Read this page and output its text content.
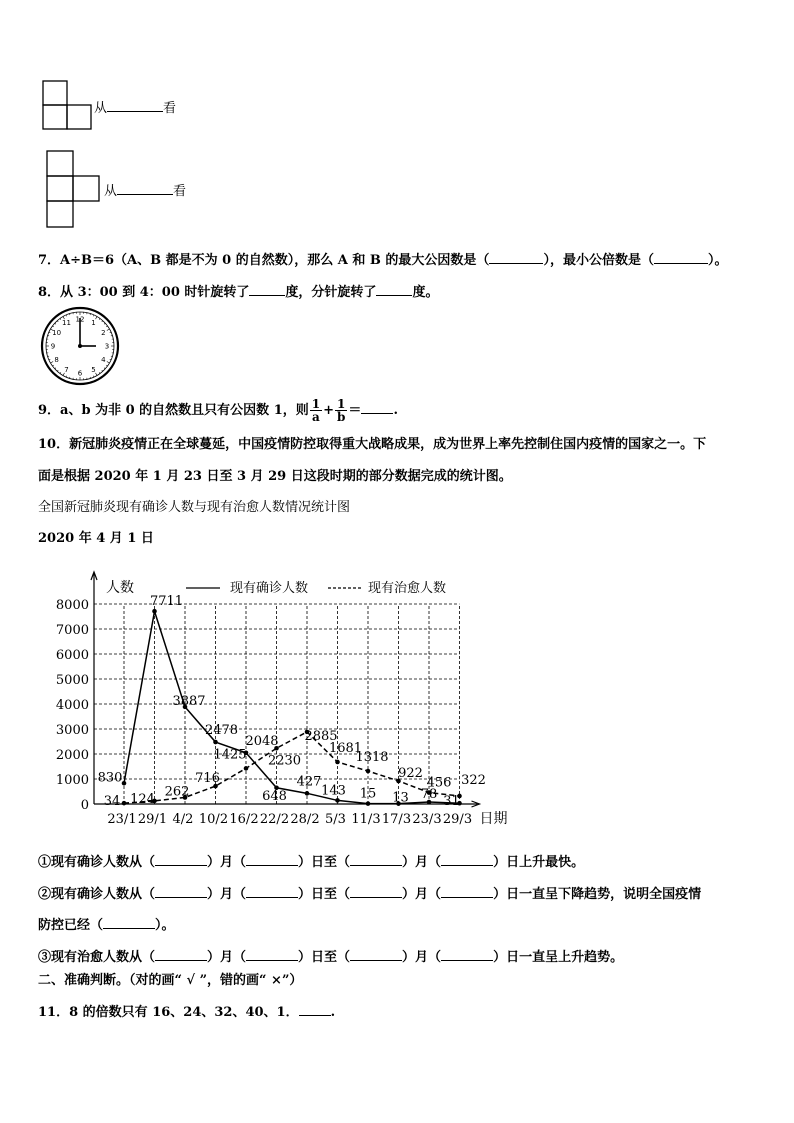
从	看
从	看
7．A÷B＝6（A、B 都是不为 0 的自然数），那么 A 和 B 的最大公因数是（	），最小公倍数是（	）。
8．从 3：00 到 4：00 时针旋转了	度，分针旋转了	度。
12 1
2
3
4
5
6
7
8
9
10
11
9．a、b 为非 0 的自然数且只有公因数 1，则 $\frac{1}{a} + \frac{1}{b}$ ＝ .
10．新冠肺炎疫情正在全球蔓延，中国疫情防控取得重大战略成果，成为世界上率先控制住国内疫情的国家之一。下
面是根据 2020 年 1 月 23 日至 3 月 29 日这段时期的部分数据完成的统计图。
全国新冠肺炎现有确诊人数与现有治愈人数情况统计图
2020 年 4 月 1 日
0
1000
2000
3000
4000
5000
6000
7000
8000
23/1 29/1 4/2 10/2 16/2 22/2 28/2 5/3 11/3 17/3 23/3 29/3
人数
日期
现有确诊人数	现有治愈人数
830
7711
3887
2478
2048
648
427
143 15 13 78 31
34 124 262
716
1425 2230
2885
1681
1318
922
456 322
①现有确诊人数从（	）月（	）日至（	）月（	）日上升最快。
②现有确诊人数从（	）月（	）日至（	）月（	）日一直呈下降趋势，说明全国疫情
防控已经（	）。
③现有治愈人数从（	）月（	）日至（	）月（	）日一直呈上升趋势。
二、准确判断。（对的画“ √ ”，错的画“ ×”）
11．8 的倍数只有 16、24、32、40、1． .
